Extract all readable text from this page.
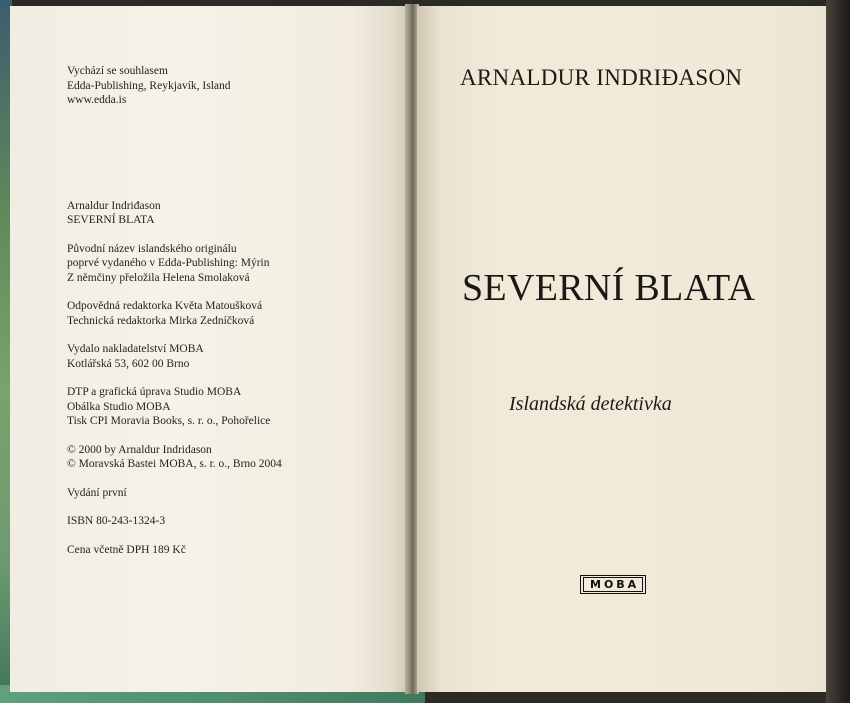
Vychází se souhlasem
Edda-Publishing, Reykjavík, Island
www.edda.is
Arnaldur Indriđason
SEVERNÍ BLATA
Původní název islandského originálu
poprvé vydaného v Edda-Publishing: Mýrin
Z němčiny přeložila Helena Smolaková
Odpovědná redaktorka Květa Matoušková
Technická redaktorka Mirka Zedníčková
Vydalo nakladatelství MOBA
Kotlářská 53, 602 00 Brno
DTP a grafická úprava Studio MOBA
Obálka Studio MOBA
Tisk CPI Moravia Books, s. r. o., Pohořelice
© 2000 by Arnaldur Indridason
© Moravská Bastei MOBA, s. r. o., Brno 2004
Vydání první
ISBN 80-243-1324-3
Cena včetně DPH 189 Kč
ARNALDUR INDRIĐASON
SEVERNÍ BLATA
Islandská detektivka
MOBA
